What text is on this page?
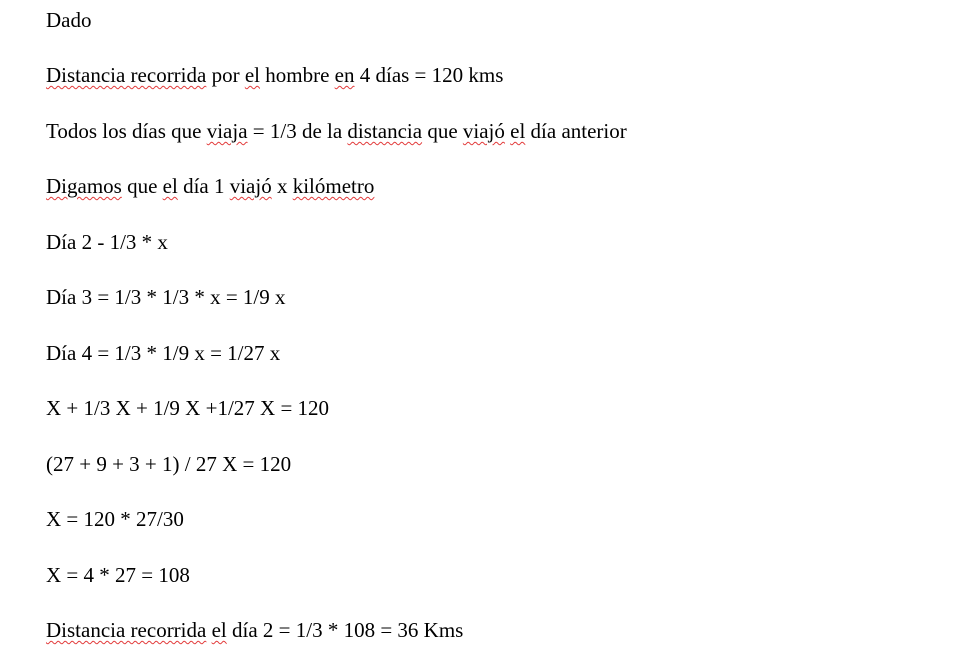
Dado

Distancia recorrida por el hombre en 4 días = 120 kms

Todos los días que viaja = 1/3 de la distancia que viajó el día anterior

Digamos que el día 1 viajó x kilómetro

Día 2 - 1/3 * x

Día 3 = 1/3 * 1/3 * x = 1/9 x

Día 4 = 1/3 * 1/9 x = 1/27 x

X + 1/3 X + 1/9 X +1/27 X = 120

(27 + 9 + 3 + 1) / 27 X = 120

X = 120 * 27/30

X = 4 * 27 = 108

Distancia recorrida el día 2 = 1/3 * 108 = 36 Kms
